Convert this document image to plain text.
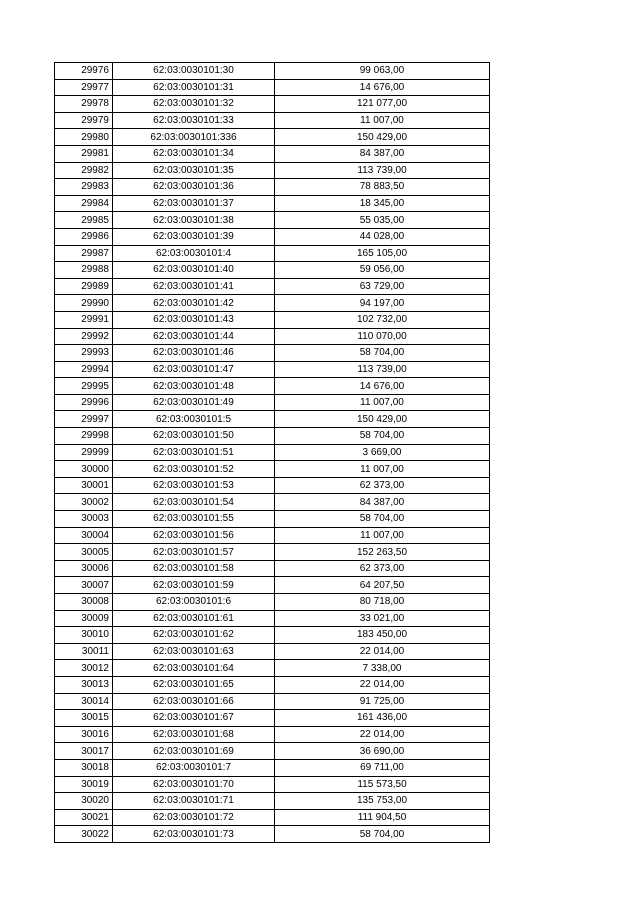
29976	62:03:0030101:30	99 063,00
29977	62:03:0030101:31	14 676,00
29978	62:03:0030101:32	121 077,00
29979	62:03:0030101:33	11 007,00
29980	62:03:0030101:336	150 429,00
29981	62:03:0030101:34	84 387,00
29982	62:03:0030101:35	113 739,00
29983	62:03:0030101:36	78 883,50
29984	62:03:0030101:37	18 345,00
29985	62:03:0030101:38	55 035,00
29986	62:03:0030101:39	44 028,00
29987	62:03:0030101:4	165 105,00
29988	62:03:0030101:40	59 056,00
29989	62:03:0030101:41	63 729,00
29990	62:03:0030101:42	94 197,00
29991	62:03:0030101:43	102 732,00
29992	62:03:0030101:44	110 070,00
29993	62:03:0030101:46	58 704,00
29994	62:03:0030101:47	113 739,00
29995	62:03:0030101:48	14 676,00
29996	62:03:0030101:49	11 007,00
29997	62:03:0030101:5	150 429,00
29998	62:03:0030101:50	58 704,00
29999	62:03:0030101:51	3 669,00
30000	62:03:0030101:52	11 007,00
30001	62:03:0030101:53	62 373,00
30002	62:03:0030101:54	84 387,00
30003	62:03:0030101:55	58 704,00
30004	62:03:0030101:56	11 007,00
30005	62:03:0030101:57	152 263,50
30006	62:03:0030101:58	62 373,00
30007	62:03:0030101:59	64 207,50
30008	62:03:0030101:6	80 718,00
30009	62:03:0030101:61	33 021,00
30010	62:03:0030101:62	183 450,00
30011	62:03:0030101:63	22 014,00
30012	62:03:0030101:64	7 338,00
30013	62:03:0030101:65	22 014,00
30014	62:03:0030101:66	91 725,00
30015	62:03:0030101:67	161 436,00
30016	62:03:0030101:68	22 014,00
30017	62:03:0030101:69	36 690,00
30018	62:03:0030101:7	69 711,00
30019	62:03:0030101:70	115 573,50
30020	62:03:0030101:71	135 753,00
30021	62:03:0030101:72	111 904,50
30022	62:03:0030101:73	58 704,00
